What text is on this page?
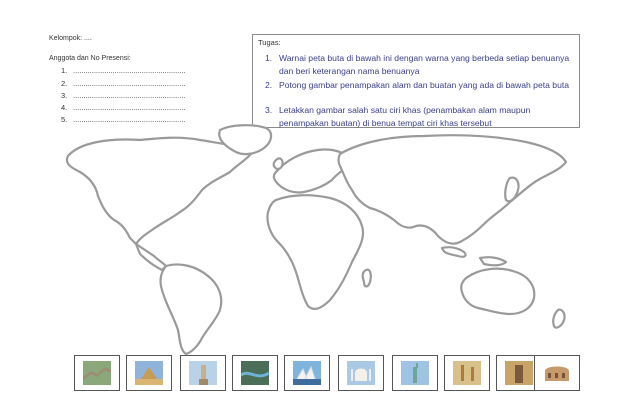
Kelompok: ....
Anggota dan No Presensi:
1. ......................................................
2. ......................................................
3. ......................................................
4. ......................................................
5. ......................................................
Tugas:
1. Warnai peta buta di bawah ini dengan warna yang berbeda setiap benuanya dan beri keterangan nama benuanya
2. Potong gambar penampakan alam dan buatan yang ada di bawah peta buta
3. Letakkan gambar salah satu ciri khas (penambakan alam maupun penampakan buatan) di benua tempat ciri khas tersebut
